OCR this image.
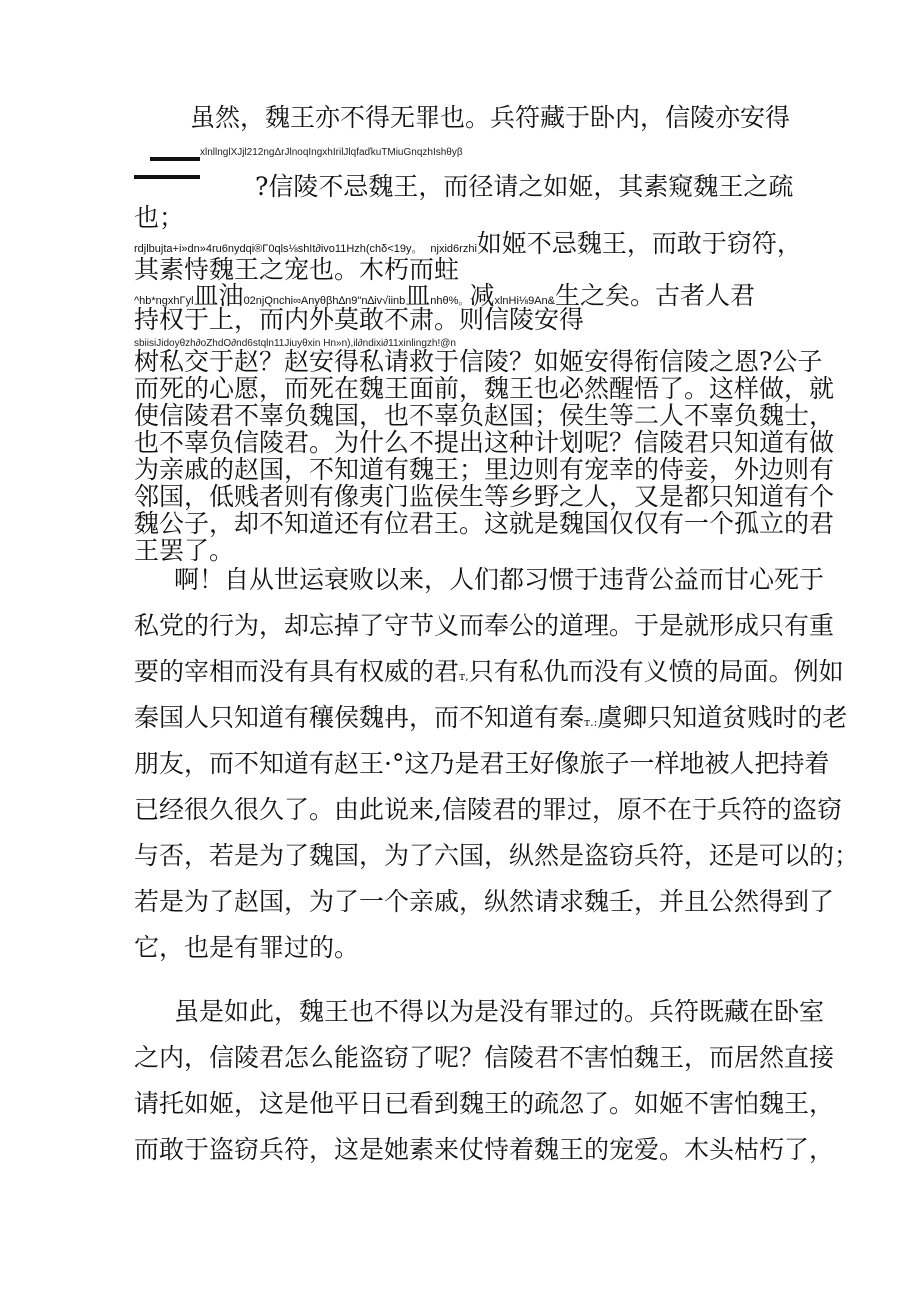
虽然，魏王亦不得无罪也。兵符藏于卧内，信陵亦安得
xlnllnglXJjl212ngΔrJlnoqIngxhIrilJlqfaďkuTMiuGnqzhIshθyβ
?信陵不忌魏王，而径请之如姬，其素窥魏王之疏
也；
rdjlbujta+i»dn»4ru6nydqi®Γ0qls⅛shIt∂ivo11Hzh(chδ<19y。 njxid6rzhi如姬不忌魏王，而敢于窃符，
其素恃魏王之宠也。木朽而蛀
^hb*ngxhΓyl皿油02njQnchi∞Anyθβh∆n9"n∆iv√iinb皿nhθ%。减xlnHi⅛9An&生之矣。古者人君
持权于上，而内外莫敢不肃。则信陵安得
sbiisiJidoyθzh∂oZhdO∂nd6stqln11Jiuyθxin Hn»n),il∂ndixi∂11xinlingzh!@n
树私交于赵？赵安得私请救于信陵？如姬安得衔信陵之恩?公子
而死的心愿，而死在魏王面前，魏王也必然醒悟了。这样做，就
使信陵君不辜负魏国，也不辜负赵国；侯生等二人不辜负魏士，
也不辜负信陵君。为什么不提出这种计划呢？信陵君只知道有做
为亲戚的赵国，不知道有魏王；里边则有宠幸的侍妾，外边则有
邻国，低贱者则有像夷门监侯生等乡野之人，又是都只知道有个
魏公子，却不知道还有位君王。这就是魏国仅仅有一个孤立的君
王罢了。
啊！自从世运衰败以来，人们都习惯于违背公益而甘心死于
私党的行为，却忘掉了守节义而奉公的道理。于是就形成只有重
要的宰相而没有具有权威的君т,只有私仇而没有义愤的局面。例如
秦国人只知道有穰侯魏冉，而不知道有秦т.:虞卿只知道贫贱时的老
朋友，而不知道有赵王·°这乃是君王好像旅子一样地被人把持着
已经很久很久了。由此说来,信陵君的罪过，原不在于兵符的盗窃
与否，若是为了魏国，为了六国，纵然是盗窃兵符，还是可以的；
若是为了赵国，为了一个亲戚，纵然请求魏壬，并且公然得到了
它，也是有罪过的。
虽是如此，魏王也不得以为是没有罪过的。兵符既藏在卧室
之内，信陵君怎么能盗窃了呢？信陵君不害怕魏王，而居然直接
请托如姬，这是他平日已看到魏王的疏忽了。如姬不害怕魏王，
而敢于盗窃兵符，这是她素来仗恃着魏王的宠爱。木头枯朽了，
